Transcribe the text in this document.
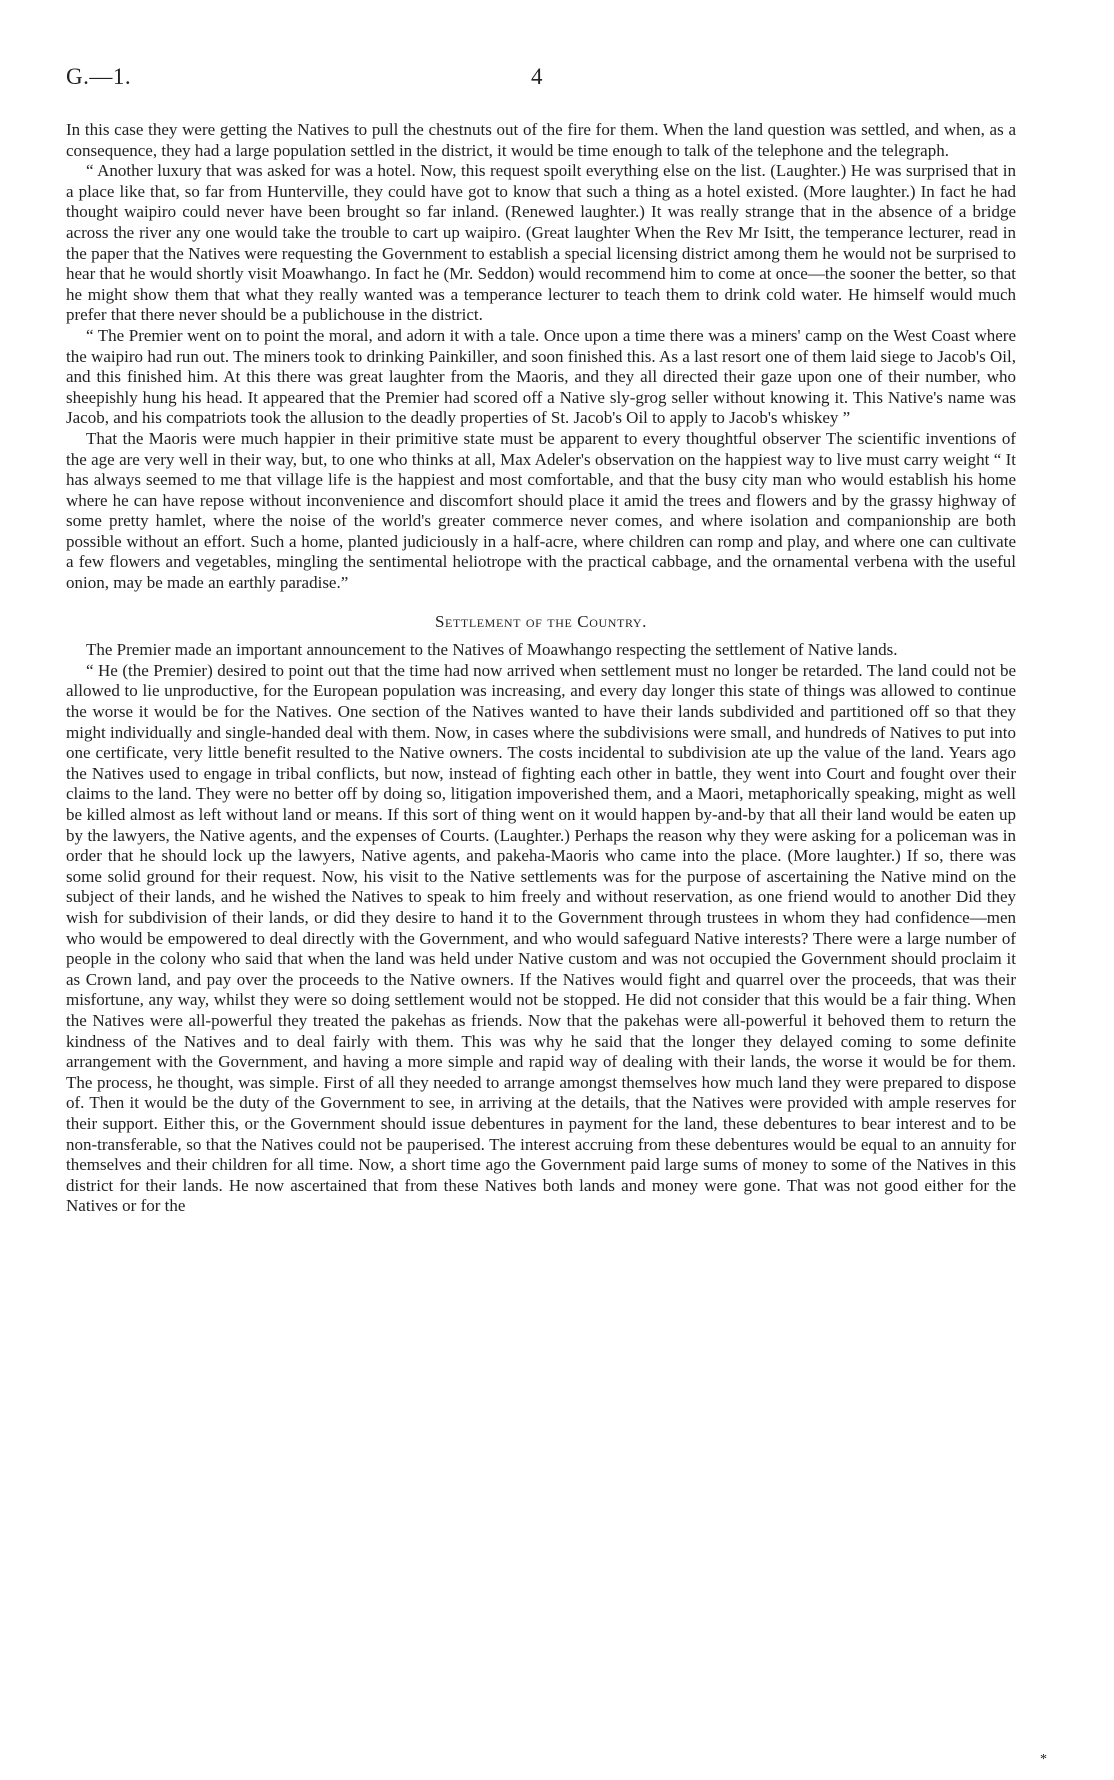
G.—1.	4

In this case they were getting the Natives to pull the chestnuts out of the fire for them. When the land question was settled, and when, as a consequence, they had a large population settled in the district, it would be time enough to talk of the telephone and the telegraph.

“ Another luxury that was asked for was a hotel. Now, this request spoilt everything else on the list. (Laughter.) He was surprised that in a place like that, so far from Hunterville, they could have got to know that such a thing as a hotel existed. (More laughter.) In fact he had thought waipiro could never have been brought so far inland. (Renewed laughter.) It was really strange that in the absence of a bridge across the river any one would take the trouble to cart up waipiro. (Great laughter When the Rev Mr Isitt, the temperance lecturer, read in the paper that the Natives were requesting the Government to establish a special licensing district among them he would not be surprised to hear that he would shortly visit Moawhango. In fact he (Mr. Seddon) would recommend him to come at once—the sooner the better, so that he might show them that what they really wanted was a temperance lecturer to teach them to drink cold water. He himself would much prefer that there never should be a publichouse in the district.

“ The Premier went on to point the moral, and adorn it with a tale. Once upon a time there was a miners' camp on the West Coast where the waipiro had run out. The miners took to drinking Painkiller, and soon finished this. As a last resort one of them laid siege to Jacob's Oil, and this finished him. At this there was great laughter from the Maoris, and they all directed their gaze upon one of their number, who sheepishly hung his head. It appeared that the Premier had scored off a Native sly-grog seller without knowing it. This Native's name was Jacob, and his compatriots took the allusion to the deadly properties of St. Jacob's Oil to apply to Jacob's whiskey ”

That the Maoris were much happier in their primitive state must be apparent to every thoughtful observer The scientific inventions of the age are very well in their way, but, to one who thinks at all, Max Adeler's observation on the happiest way to live must carry weight “ It has always seemed to me that village life is the happiest and most comfortable, and that the busy city man who would establish his home where he can have repose without inconvenience and discomfort should place it amid the trees and flowers and by the grassy highway of some pretty hamlet, where the noise of the world's greater commerce never comes, and where isolation and companionship are both possible without an effort. Such a home, planted judiciously in a half-acre, where children can romp and play, and where one can cultivate a few flowers and vegetables, mingling the sentimental heliotrope with the practical cabbage, and the ornamental verbena with the useful onion, may be made an earthly paradise.”

Settlement of the Country.

The Premier made an important announcement to the Natives of Moawhango respecting the settlement of Native lands.

“ He (the Premier) desired to point out that the time had now arrived when settlement must no longer be retarded. The land could not be allowed to lie unproductive, for the European population was increasing, and every day longer this state of things was allowed to continue the worse it would be for the Natives. One section of the Natives wanted to have their lands subdivided and partitioned off so that they might individually and single-handed deal with them. Now, in cases where the subdivisions were small, and hundreds of Natives to put into one certificate, very little benefit resulted to the Native owners. The costs incidental to subdivision ate up the value of the land. Years ago the Natives used to engage in tribal conflicts, but now, instead of fighting each other in battle, they went into Court and fought over their claims to the land. They were no better off by doing so, litigation impoverished them, and a Maori, metaphorically speaking, might as well be killed almost as left without land or means. If this sort of thing went on it would happen by-and-by that all their land would be eaten up by the lawyers, the Native agents, and the expenses of Courts. (Laughter.) Perhaps the reason why they were asking for a policeman was in order that he should lock up the lawyers, Native agents, and pakeha-Maoris who came into the place. (More laughter.) If so, there was some solid ground for their request. Now, his visit to the Native settlements was for the purpose of ascertaining the Native mind on the subject of their lands, and he wished the Natives to speak to him freely and without reservation, as one friend would to another Did they wish for subdivision of their lands, or did they desire to hand it to the Government through trustees in whom they had confidence—men who would be empowered to deal directly with the Government, and who would safeguard Native interests? There were a large number of people in the colony who said that when the land was held under Native custom and was not occupied the Government should proclaim it as Crown land, and pay over the proceeds to the Native owners. If the Natives would fight and quarrel over the proceeds, that was their misfortune, any way, whilst they were so doing settlement would not be stopped. He did not consider that this would be a fair thing. When the Natives were all-powerful they treated the pakehas as friends. Now that the pakehas were all-powerful it behoved them to return the kindness of the Natives and to deal fairly with them. This was why he said that the longer they delayed coming to some definite arrangement with the Government, and having a more simple and rapid way of dealing with their lands, the worse it would be for them. The process, he thought, was simple. First of all they needed to arrange amongst themselves how much land they were prepared to dispose of. Then it would be the duty of the Government to see, in arriving at the details, that the Natives were provided with ample reserves for their support. Either this, or the Government should issue debentures in payment for the land, these debentures to bear interest and to be non-transferable, so that the Natives could not be pauperised. The interest accruing from these debentures would be equal to an annuity for themselves and their children for all time. Now, a short time ago the Government paid large sums of money to some of the Natives in this district for their lands. He now ascertained that from these Natives both lands and money were gone. That was not good either for the Natives or for the

*
